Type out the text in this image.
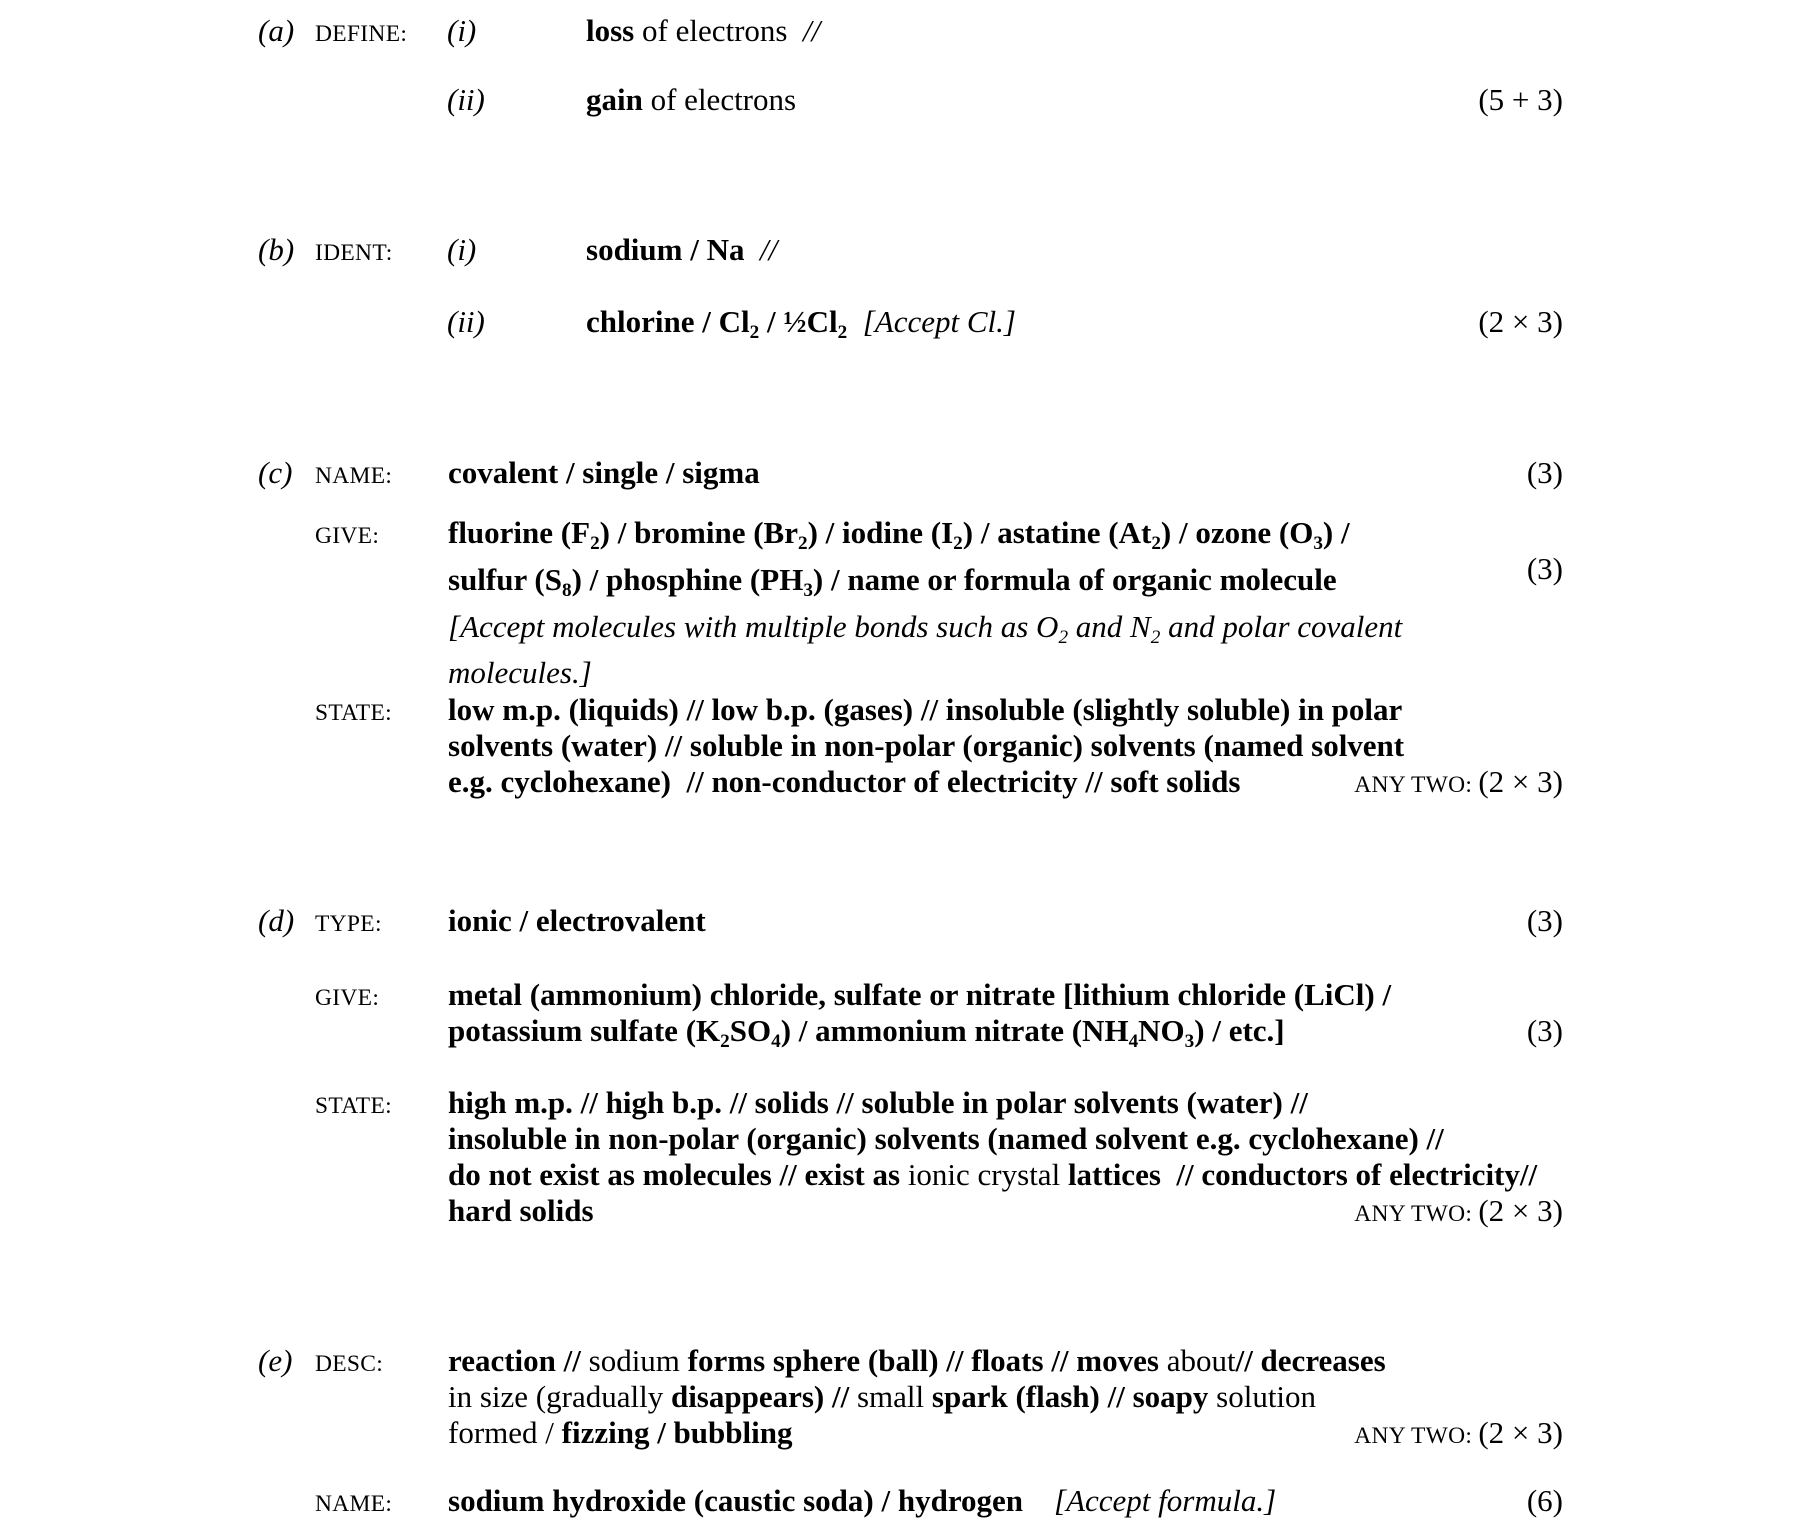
(a) DEFINE: (i)	loss of electrons  //
(ii)	gain of electrons	(5 + 3)
(b) IDENT: (i)	sodium / Na  //
(ii)	chlorine / Cl2 / ½Cl2 [Accept Cl.]	(2 × 3)
(c) NAME: covalent / single / sigma	(3)
GIVE: fluorine (F2) / bromine (Br2) / iodine (I2) / astatine (At2) / ozone (O3) /
sulfur (S8) / phosphine (PH3) / name or formula of organic molecule
[Accept molecules with multiple bonds such as O2 and N2 and polar covalent
molecules.]
(3)
STATE: low m.p. (liquids) // low b.p. (gases) // insoluble (slightly soluble) in polar
solvents (water) // soluble in non-polar (organic) solvents (named solvent
e.g. cyclohexane)  // non-conductor of electricity // soft solids	ANY TWO: (2 × 3)
(d) TYPE: ionic / electrovalent	(3)
GIVE: metal (ammonium) chloride, sulfate or nitrate [lithium chloride (LiCl) /
potassium sulfate (K2SO4) / ammonium nitrate (NH4NO3) / etc.]	(3)
STATE: high m.p. // high b.p. // solids // soluble in polar solvents (water) //
insoluble in non-polar (organic) solvents (named solvent e.g. cyclohexane) //
do not exist as molecules // exist as ionic crystal lattices  // conductors of electricity//
hard solids	ANY TWO: (2 × 3)
(e) DESC: reaction // sodium forms sphere (ball) // floats // moves about// decreases
in size (gradually disappears) // small spark (flash) // soapy solution
formed / fizzing / bubbling	ANY TWO: (2 × 3)
NAME: sodium hydroxide (caustic soda) / hydrogen [Accept formula.]	(6)
